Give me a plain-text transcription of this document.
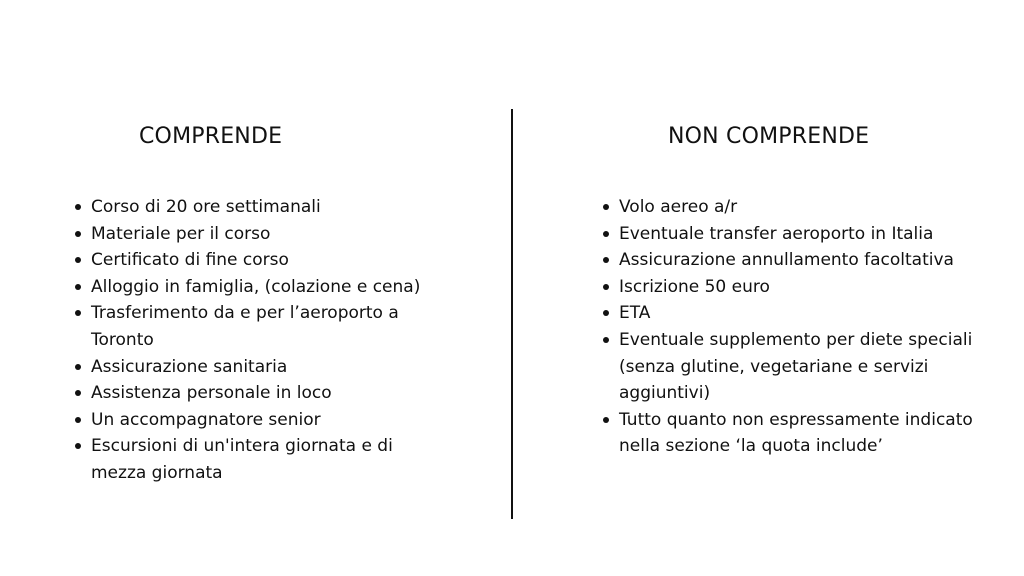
COMPRENDE	NON COMPRENDE
Corso di 20 ore settimanali
Materiale per il corso
Certificato di fine corso
Alloggio in famiglia, (colazione e cena)
Trasferimento da e per l’aeroporto a Toronto
Assicurazione sanitaria
Assistenza personale in loco
Un accompagnatore senior
Escursioni di un'intera giornata e di mezza giornata
Volo aereo a/r
Eventuale transfer aeroporto in Italia
Assicurazione annullamento facoltativa
Iscrizione 50 euro
ETA
Eventuale supplemento per diete speciali (senza glutine, vegetariane e servizi aggiuntivi)
Tutto quanto non espressamente indicato nella sezione ‘la quota include’
